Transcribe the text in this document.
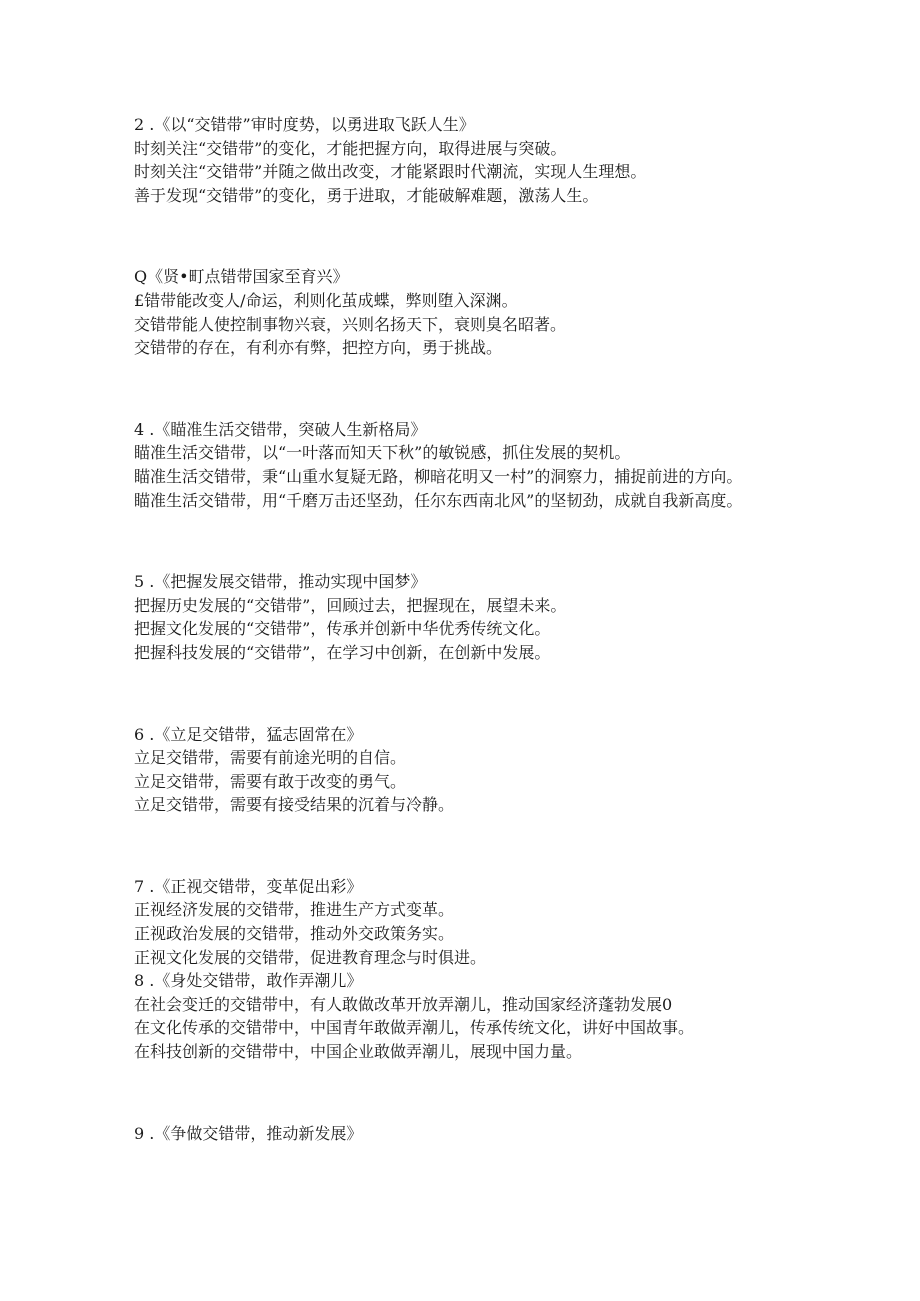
2 .《以“交错带”审时度势，以勇进取飞跃人生》

时刻关注“交错带”的变化，才能把握方向，取得进展与突破。

时刻关注“交错带”并随之做出改变，才能紧跟时代潮流，实现人生理想。

善于发现“交错带”的变化，勇于进取，才能破解难题，激荡人生。

Q《贤•町点错带国家至育兴》

£错带能改变人/命运，利则化茧成蝶，弊则堕入深渊。

交错带能人使控制事物兴衰，兴则名扬天下，衰则臭名昭著。

交错带的存在，有利亦有弊，把控方向，勇于挑战。

4 .《瞄准生活交错带，突破人生新格局》

瞄准生活交错带，以“一叶落而知天下秋”的敏锐感，抓住发展的契机。

瞄准生活交错带，秉“山重水复疑无路，柳暗花明又一村”的洞察力，捕捉前进的方向。

瞄准生活交错带，用“千磨万击还坚劲，任尔东西南北风”的坚韧劲，成就自我新高度。

5 .《把握发展交错带，推动实现中国梦》

把握历史发展的“交错带”，回顾过去，把握现在，展望未来。

把握文化发展的“交错带”，传承并创新中华优秀传统文化。

把握科技发展的“交错带”，在学习中创新，在创新中发展。

6 .《立足交错带，猛志固常在》

立足交错带，需要有前途光明的自信。

立足交错带，需要有敢于改变的勇气。

立足交错带，需要有接受结果的沉着与冷静。

7 .《正视交错带，变革促出彩》

正视经济发展的交错带，推进生产方式变革。

正视政治发展的交错带，推动外交政策务实。

正视文化发展的交错带，促进教育理念与时俱进。

8 .《身处交错带，敢作弄潮儿》

在社会变迁的交错带中，有人敢做改革开放弄潮儿，推动国家经济蓬勃发展0

在文化传承的交错带中，中国青年敢做弄潮儿，传承传统文化，讲好中国故事。

在科技创新的交错带中，中国企业敢做弄潮儿，展现中国力量。

9 .《争做交错带，推动新发展》
